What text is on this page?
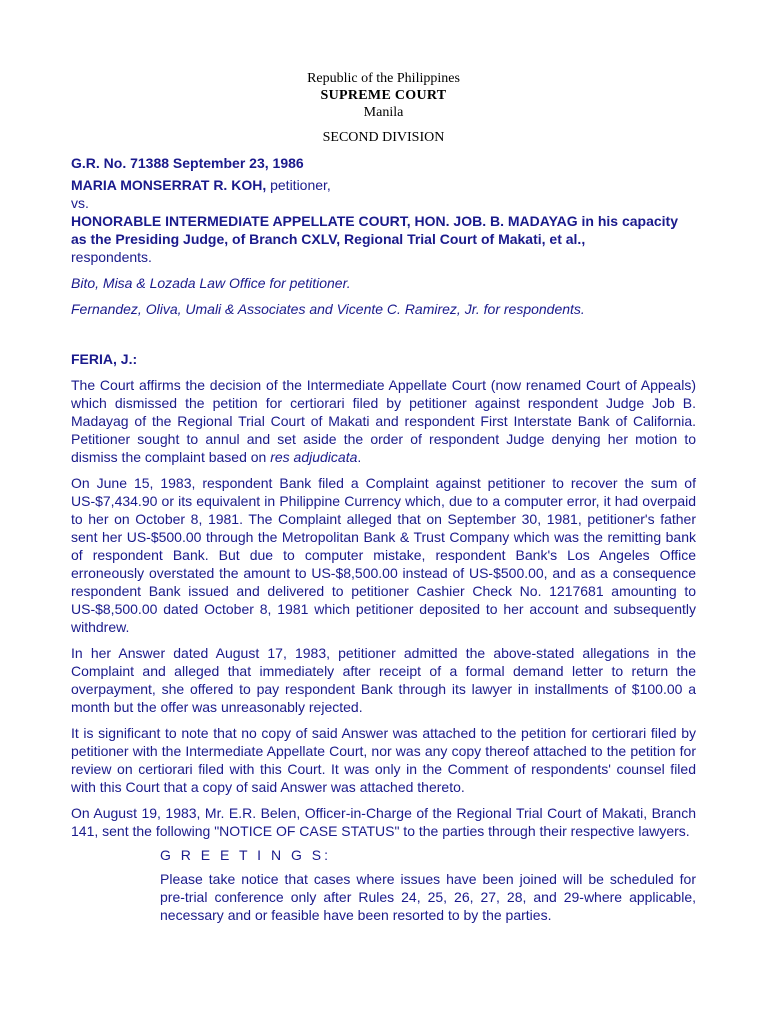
Republic of the Philippines
SUPREME COURT
Manila
SECOND DIVISION

G.R. No. 71388 September 23, 1986

MARIA MONSERRAT R. KOH, petitioner,

vs.

HONORABLE INTERMEDIATE APPELLATE COURT, HON. JOB. B. MADAYAG in his capacity as the Presiding Judge, of Branch CXLV, Regional Trial Court of Makati, et al.,
respondents.

Bito, Misa & Lozada Law Office for petitioner.

Fernandez, Oliva, Umali & Associates and Vicente C. Ramirez, Jr. for respondents.

FERIA, J.:

The Court affirms the decision of the Intermediate Appellate Court (now renamed Court of Appeals) which dismissed the petition for certiorari filed by petitioner against respondent Judge Job B. Madayag of the Regional Trial Court of Makati and respondent First Interstate Bank of California. Petitioner sought to annul and set aside the order of respondent Judge denying her motion to dismiss the complaint based on res adjudicata.

On June 15, 1983, respondent Bank filed a Complaint against petitioner to recover the sum of US-$7,434.90 or its equivalent in Philippine Currency which, due to a computer error, it had overpaid to her on October 8, 1981. The Complaint alleged that on September 30, 1981, petitioner's father sent her US-$500.00 through the Metropolitan Bank & Trust Company which was the remitting bank of respondent Bank. But due to computer mistake, respondent Bank's Los Angeles Office erroneously overstated the amount to US-$8,500.00 instead of US-$500.00, and as a consequence respondent Bank issued and delivered to petitioner Cashier Check No. 1217681 amounting to US-$8,500.00 dated October 8, 1981 which petitioner deposited to her account and subsequently withdrew.

In her Answer dated August 17, 1983, petitioner admitted the above-stated allegations in the Complaint and alleged that immediately after receipt of a formal demand letter to return the overpayment, she offered to pay respondent Bank through its lawyer in installments of $100.00 a month but the offer was unreasonably rejected.

It is significant to note that no copy of said Answer was attached to the petition for certiorari filed by petitioner with the Intermediate Appellate Court, nor was any copy thereof attached to the petition for review on certiorari filed with this Court. It was only in the Comment of respondents' counsel filed with this Court that a copy of said Answer was attached thereto.

On August 19, 1983, Mr. E.R. Belen, Officer-in-Charge of the Regional Trial Court of Makati, Branch 141, sent the following "NOTICE OF CASE STATUS" to the parties through their respective lawyers.

G R E E T I N G S:

Please take notice that cases where issues have been joined will be scheduled for pre-trial conference only after Rules 24, 25, 26, 27, 28, and 29-where applicable, necessary and or feasible have been resorted to by the parties.
